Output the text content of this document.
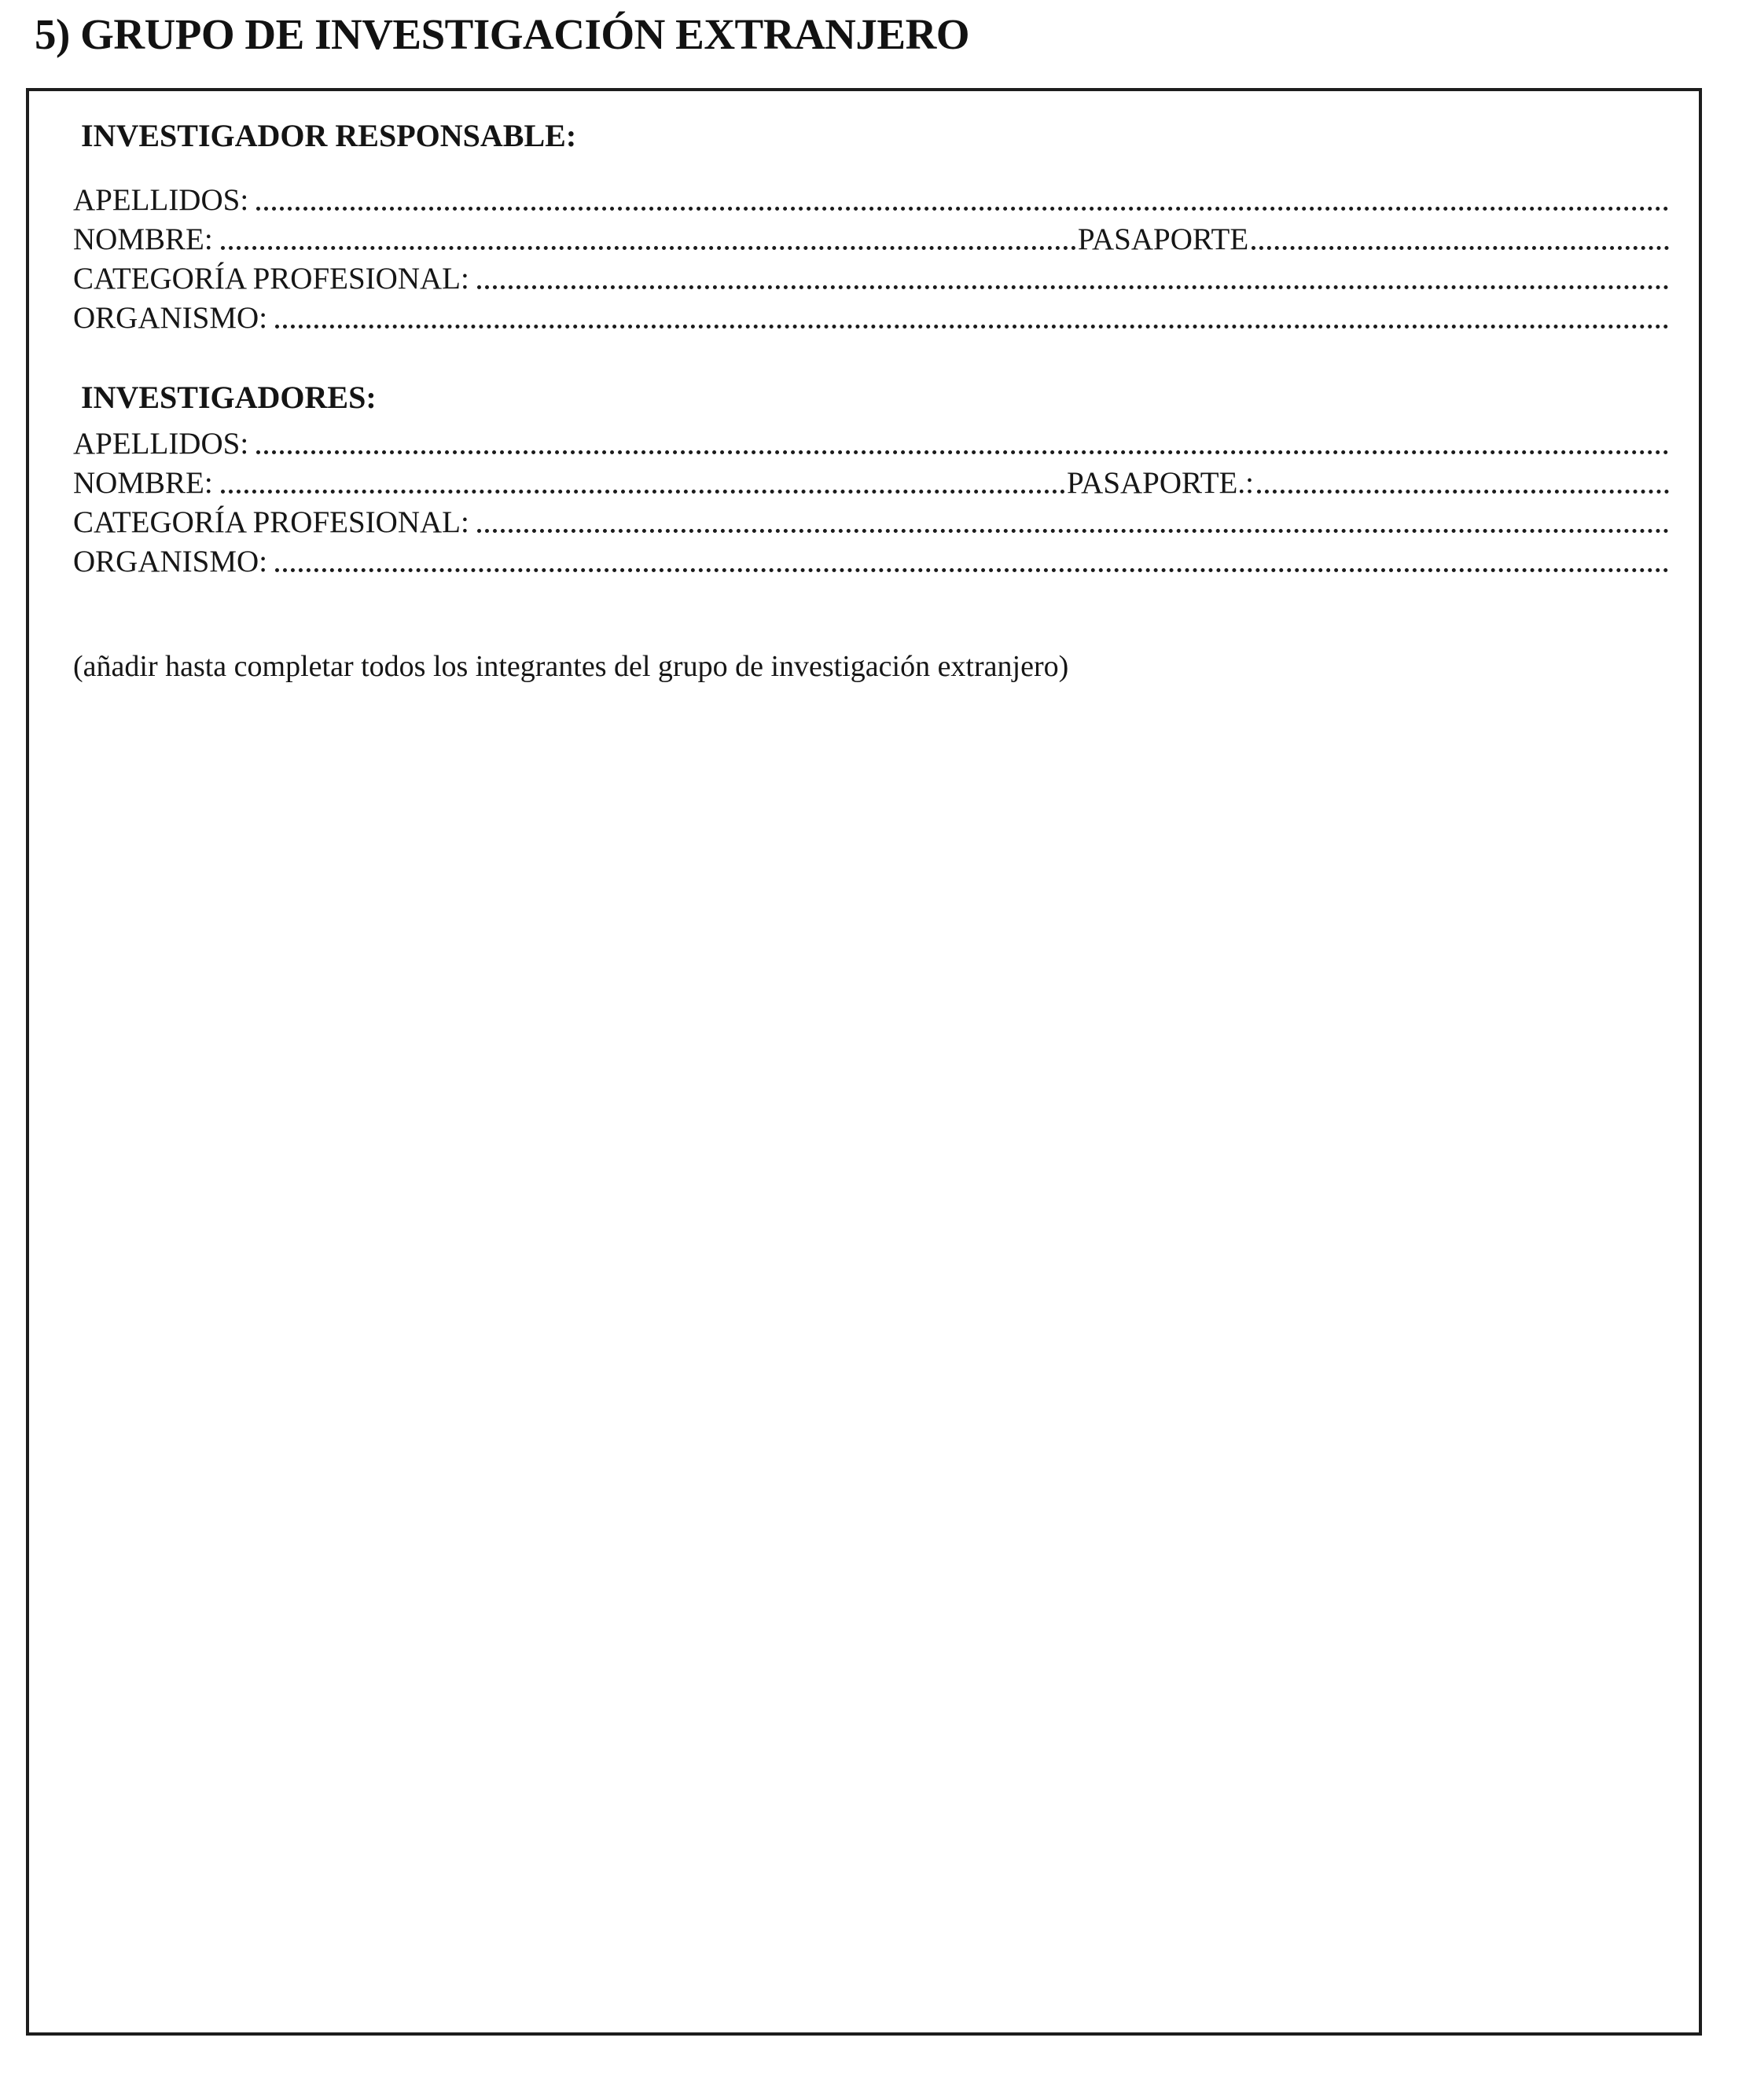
5) GRUPO DE INVESTIGACIÓN EXTRANJERO
INVESTIGADOR RESPONSABLE:
APELLIDOS:
NOMBRE:	PASAPORTE
CATEGORÍA PROFESIONAL:
ORGANISMO:
INVESTIGADORES:
APELLIDOS:
NOMBRE:	PASAPORTE.:
CATEGORÍA PROFESIONAL:
ORGANISMO:

(añadir hasta completar todos los integrantes del grupo de investigación extranjero)
